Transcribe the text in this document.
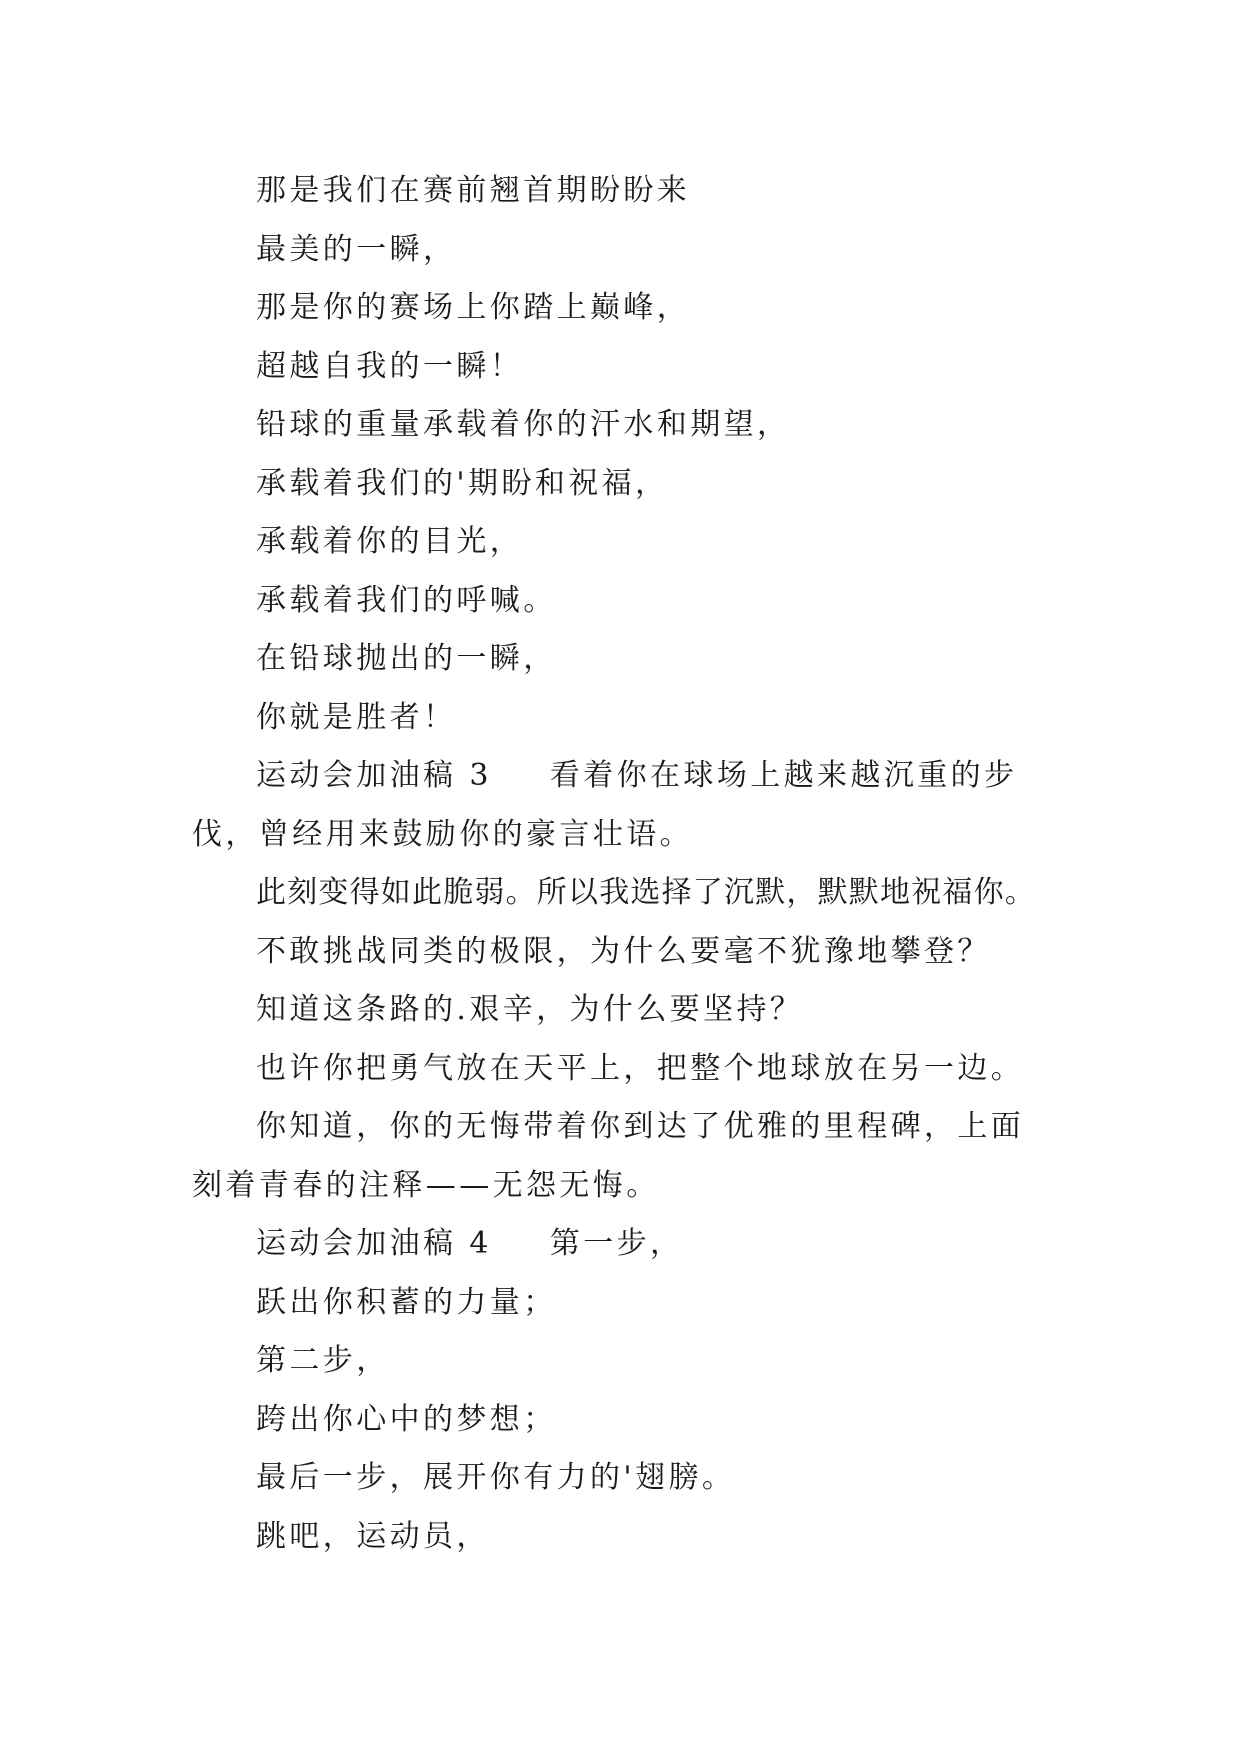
那是我们在赛前翘首期盼盼来

最美的一瞬，

那是你的赛场上你踏上巅峰，

超越自我的一瞬！

铅球的重量承载着你的汗水和期望，

承载着我们的'期盼和祝福，

承载着你的目光，

承载着我们的呼喊。

在铅球抛出的一瞬，

你就是胜者！

运动会加油稿 3 看着你在球场上越来越沉重的步伐，曾经用来鼓励你的豪言壮语。

此刻变得如此脆弱。所以我选择了沉默，默默地祝福你。

不敢挑战同类的极限，为什么要毫不犹豫地攀登？

知道这条路的.艰辛，为什么要坚持？

也许你把勇气放在天平上，把整个地球放在另一边。

你知道，你的无悔带着你到达了优雅的里程碑，上面刻着青春的注释——无怨无悔。

运动会加油稿 4 第一步，

跃出你积蓄的力量；

第二步，

跨出你心中的梦想；

最后一步，展开你有力的'翅膀。

跳吧，运动员，
